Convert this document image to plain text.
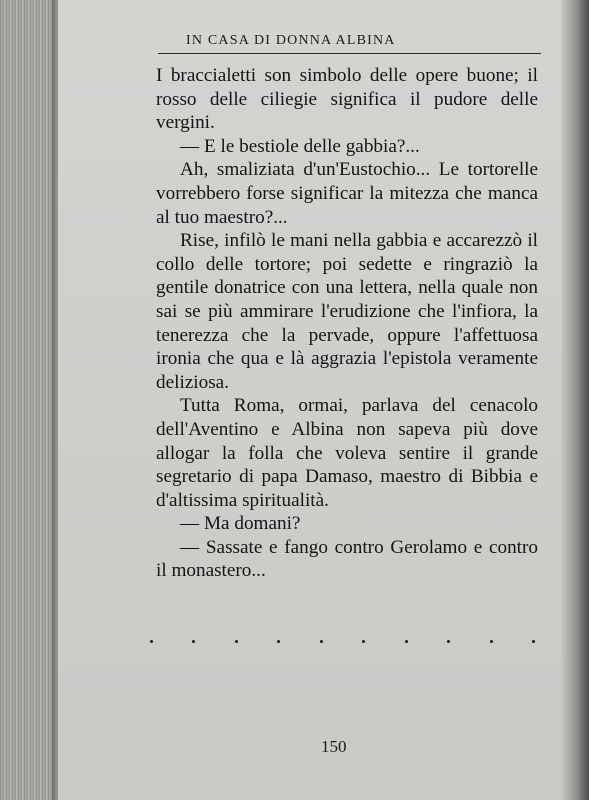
IN CASA DI DONNA ALBINA

I braccialetti son simbolo delle opere buone; il rosso delle ciliegie significa il pudore delle vergini.

— E le bestiole delle gabbia?...

Ah, smaliziata d'un'Eustochio... Le tortorelle vorrebbero forse significar la mitezza che manca al tuo maestro?...

Rise, infilò le mani nella gabbia e accarezzò il collo delle tortore; poi sedette e ringraziò la gentile donatrice con una lettera, nella quale non sai se più ammirare l'erudizione che l'infiora, la tenerezza che la pervade, oppure l'affettuosa ironia che qua e là aggrazia l'epistola veramente deliziosa.

Tutta Roma, ormai, parlava del cenacolo dell'Aventino e Albina non sapeva più dove allogar la folla che voleva sentire il grande segretario di papa Damaso, maestro di Bibbia e d'altissima spiritualità.

— Ma domani?

— Sassate e fango contro Gerolamo e contro il monastero...

150
